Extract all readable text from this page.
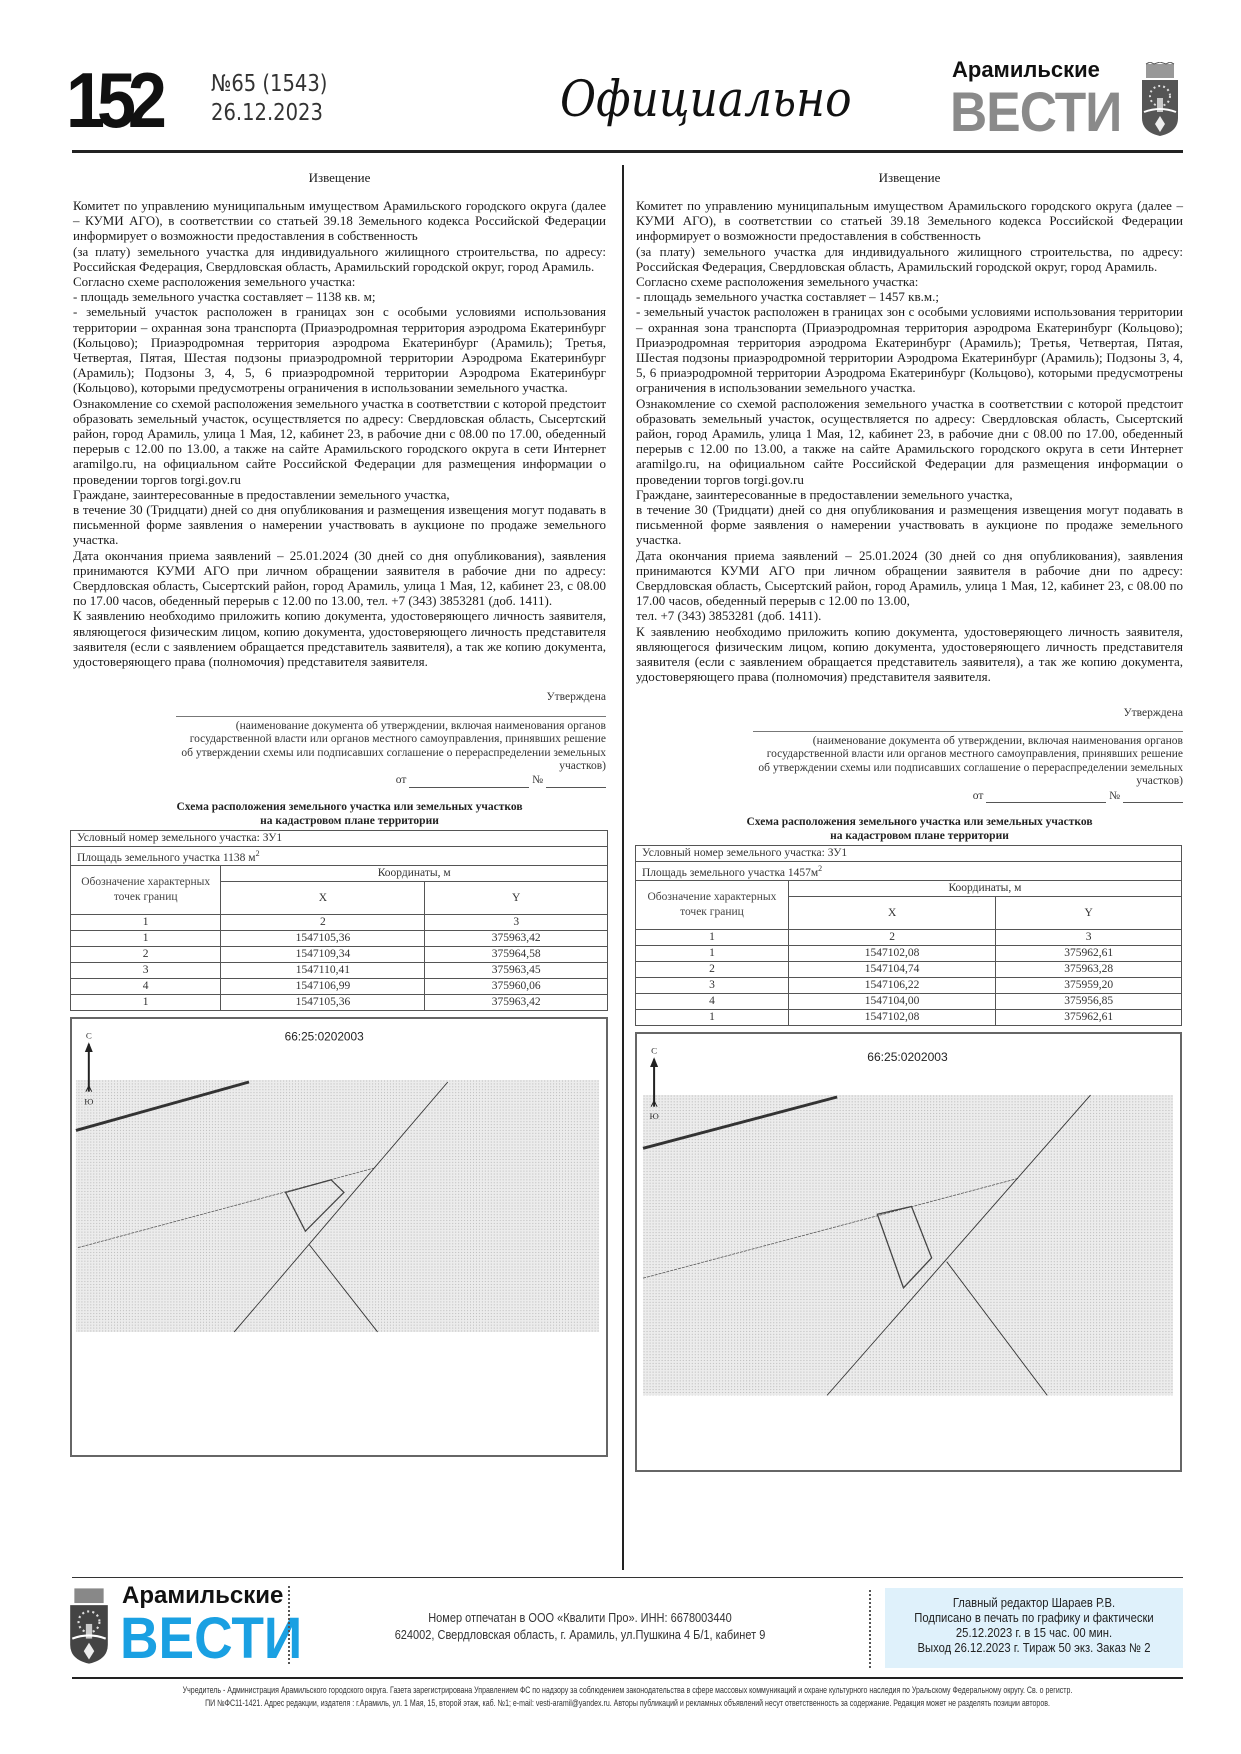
152 №65 (1543)
26.12.2023	Официально
Арамильские
ВЕСТИ
Извещение

Комитет по управлению муниципальным имуществом Арамильского городского округа (далее – КУМИ АГО), в соответствии со статьей 39.18 Земельного кодекса Российской Федерации информирует о возможности предоставления в собственность

(за плату) земельного участка для индивидуального жилищного строительства, по адресу: Российская Федерация, Свердловская область, Арамильский городской округ, город Арамиль.

Согласно схеме расположения земельного участка:

- площадь земельного участка составляет – 1138 кв. м;

- земельный участок расположен в границах зон с особыми условиями использования территории – охранная зона транспорта (Приаэродромная территория аэродрома Екатеринбург (Кольцово); Приаэродромная территория аэродрома Екатеринбург (Арамиль); Третья, Четвертая, Пятая, Шестая подзоны приаэродромной территории Аэродрома Екатеринбург (Арамиль); Подзоны 3, 4, 5, 6 приаэродромной территории Аэродрома Екатеринбург (Кольцово), которыми предусмотрены ограничения в использовании земельного участка.

Ознакомление со схемой расположения земельного участка в соответствии с которой предстоит образовать земельный участок, осуществляется по адресу: Свердловская область, Сысертский район, город Арамиль, улица 1 Мая, 12, кабинет 23, в рабочие дни с 08.00 по 17.00, обеденный перерыв с 12.00 по 13.00, а также на сайте Арамильского городского округа в сети Интернет aramilgo.ru, на официальном сайте Российской Федерации для размещения информации о проведении торгов torgi.gov.ru

Граждане, заинтересованные в предоставлении земельного участка,

в течение 30 (Тридцати) дней со дня опубликования и размещения извещения могут подавать в письменной форме заявления о намерении участвовать в аукционе по продаже земельного участка.

Дата окончания приема заявлений – 25.01.2024 (30 дней со дня опубликования), заявления принимаются КУМИ АГО при личном обращении заявителя в рабочие дни по адресу: Свердловская область, Сысертский район, город Арамиль, улица 1 Мая, 12, кабинет 23, с 08.00 по 17.00 часов, обеденный перерыв с 12.00 по 13.00, тел. +7 (343) 3853281 (доб. 1411).

К заявлению необходимо приложить копию документа, удостоверяющего личность заявителя, являющегося физическим лицом, копию документа, удостоверяющего личность представителя заявителя (если с заявлением обращается представитель заявителя), а так же копию документа, удостоверяющего права (полномочия) представителя заявителя.

Утверждена
(наименование документа об утверждении, включая наименования органов государственной власти или органов местного самоуправления, принявших решение об утверждении схемы или подписавших соглашение о перераспределении земельных участков)
от	№
Схема расположения земельного участка или земельных участков
на кадастровом плане территории
Условный номер земельного участка: ЗУ1		
Площадь земельного участка 1138 $м^2$
Обозначение характерных точек границ	Координаты, м	
	X	Y
1	2	3
1	1547105,36	375963,42
2	1547109,34	375964,58
3	1547110,41	375963,45
4	1547106,99	375960,06
1	1547105,36	375963,42
66:25:0202003
С
Ю
Извещение

Комитет по управлению муниципальным имуществом Арамильского городского округа (далее – КУМИ АГО), в соответствии со статьей 39.18 Земельного кодекса Российской Федерации информирует о возможности предоставления в собственность

(за плату) земельного участка для индивидуального жилищного строительства, по адресу: Российская Федерация, Свердловская область, Арамильский городской округ, город Арамиль.

Согласно схеме расположения земельного участка:

- площадь земельного участка составляет – 1457 кв.м.;

- земельный участок расположен в границах зон с особыми условиями использования территории – охранная зона транспорта (Приаэродромная территория аэродрома Екатеринбург (Кольцово); Приаэродромная территория аэродрома Екатеринбург (Арамиль); Третья, Четвертая, Пятая, Шестая подзоны приаэродромной территории Аэродрома Екатеринбург (Арамиль); Подзоны 3, 4, 5, 6 приаэродромной территории Аэродрома Екатеринбург (Кольцово), которыми предусмотрены ограничения в использовании земельного участка.

Ознакомление со схемой расположения земельного участка в соответствии с которой предстоит образовать земельный участок, осуществляется по адресу: Свердловская область, Сысертский район, город Арамиль, улица 1 Мая, 12, кабинет 23, в рабочие дни с 08.00 по 17.00, обеденный перерыв с 12.00 по 13.00, а также на сайте Арамильского городского округа в сети Интернет aramilgo.ru, на официальном сайте Российской Федерации для размещения информации о проведении торгов torgi.gov.ru

Граждане, заинтересованные в предоставлении земельного участка,

в течение 30 (Тридцати) дней со дня опубликования и размещения извещения могут подавать в письменной форме заявления о намерении участвовать в аукционе по продаже земельного участка.

Дата окончания приема заявлений – 25.01.2024 (30 дней со дня опубликования), заявления принимаются КУМИ АГО при личном обращении заявителя в рабочие дни по адресу: Свердловская область, Сысертский район, город Арамиль, улица 1 Мая, 12, кабинет 23, с 08.00 по 17.00 часов, обеденный перерыв с 12.00 по 13.00,

тел. +7 (343) 3853281 (доб. 1411).

К заявлению необходимо приложить копию документа, удостоверяющего личность заявителя, являющегося физическим лицом, копию документа, удостоверяющего личность представителя заявителя (если с заявлением обращается представитель заявителя), а так же копию документа, удостоверяющего права (полномочия) представителя заявителя.

Утверждена
(наименование документа об утверждении, включая наименования органов государственной власти или органов местного самоуправления, принявших решение об утверждении схемы или подписавших соглашение о перераспределении земельных участков)
от	№
Схема расположения земельного участка или земельных участков
на кадастровом плане территории
Условный номер земельного участка: ЗУ1		
Площадь земельного участка $1457м^2$
Обозначение характерных точек границ	Координаты, м	
	X	Y
1	2	3
1	1547102,08	375962,61
2	1547104,74	375963,28
3	1547106,22	375959,20
4	1547104,00	375956,85
1	1547102,08	375962,61
66:25:0202003
С
Ю
Арамильские
ВЕСТИ	Номер отпечатан в ООО «Квалити Про». ИНН: 6678003440
624002, Свердловская область, г. Арамиль, ул.Пушкина 4 Б/1, кабинет 9
Главный редактор Шараев Р.В.
Подписано в печать по графику и фактически
25.12.2023 г. в 15 час. 00 мин.
Выход 26.12.2023 г. Тираж 50 экз. Заказ № 2
Учредитель - Администрация Арамильского городского округа. Газета зарегистрирована Управлением ФС по надзору за соблюдением законодательства в сфере массовых коммуникаций и охране культурного наследия по Уральскому Федеральному округу. Св. о регистр.
ПИ №ФС11-1421. Адрес редакции, издателя : г.Арамиль, ул. 1 Мая, 15, второй этаж, каб. №1; e-mail: vesti-aramil@yandex.ru. Авторы публикаций и рекламных объявлений несут ответственность за содержание. Редакция может не разделять позиции авторов.
